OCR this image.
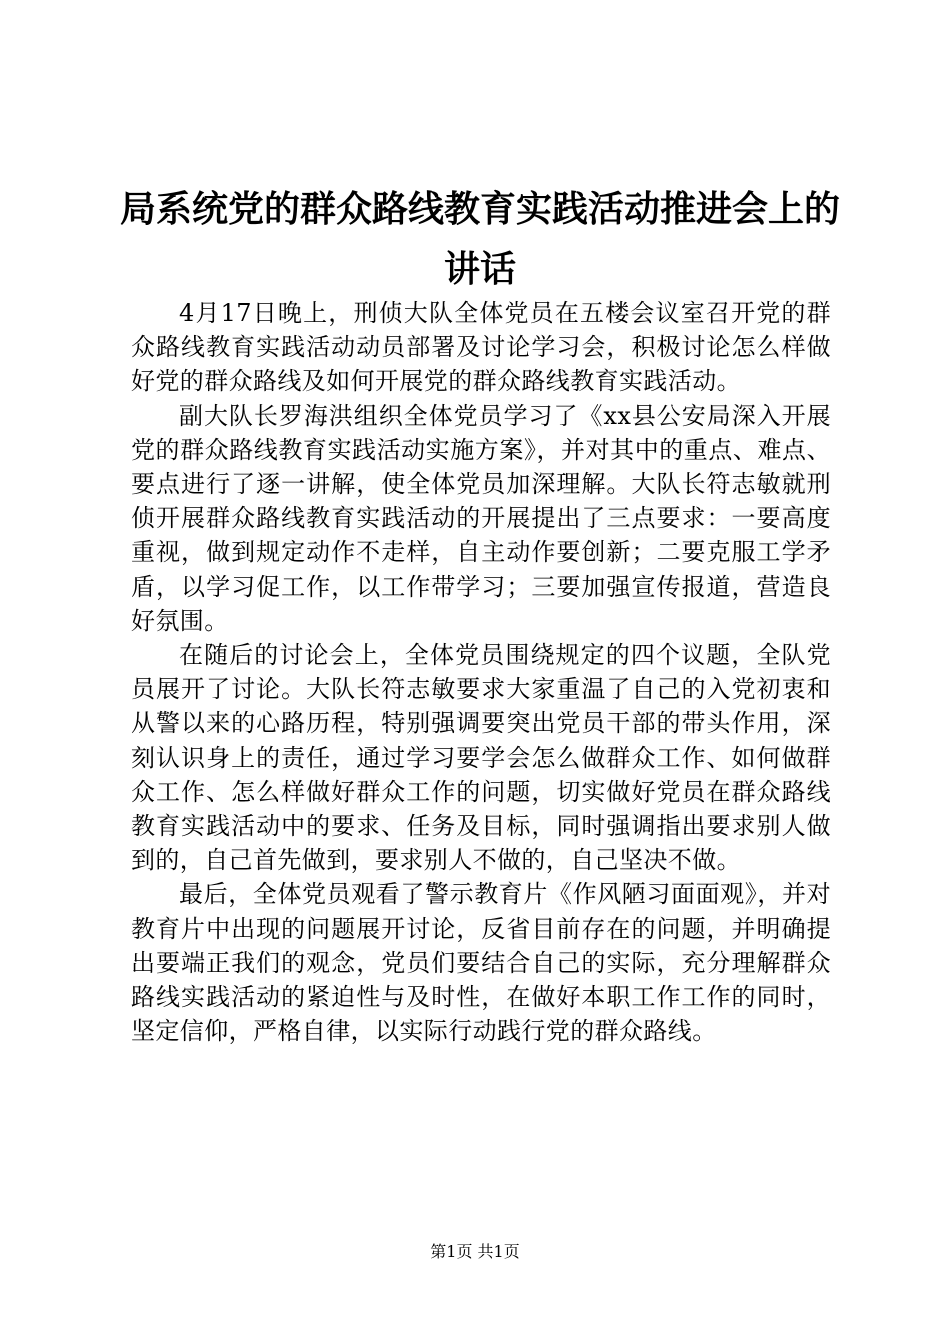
局系统党的群众路线教育实践活动推进会上的
讲话

4月17日晚上，刑侦大队全体党员在五楼会议室召开党的群众路线教育实践活动动员部署及讨论学习会，积极讨论怎么样做好党的群众路线及如何开展党的群众路线教育实践活动。

副大队长罗海洪组织全体党员学习了《xx县公安局深入开展党的群众路线教育实践活动实施方案》，并对其中的重点、难点、要点进行了逐一讲解，使全体党员加深理解。大队长符志敏就刑侦开展群众路线教育实践活动的开展提出了三点要求：一要高度重视，做到规定动作不走样，自主动作要创新；二要克服工学矛盾，以学习促工作，以工作带学习；三要加强宣传报道，营造良好氛围。

在随后的讨论会上，全体党员围绕规定的四个议题，全队党员展开了讨论。大队长符志敏要求大家重温了自己的入党初衷和从警以来的心路历程，特别强调要突出党员干部的带头作用，深刻认识身上的责任，通过学习要学会怎么做群众工作、如何做群众工作、怎么样做好群众工作的问题，切实做好党员在群众路线教育实践活动中的要求、任务及目标，同时强调指出要求别人做到的，自己首先做到，要求别人不做的，自己坚决不做。

最后，全体党员观看了警示教育片《作风陋习面面观》，并对教育片中出现的问题展开讨论，反省目前存在的问题，并明确提出要端正我们的观念，党员们要结合自己的实际，充分理解群众路线实践活动的紧迫性与及时性，在做好本职工作工作的同时，坚定信仰，严格自律，以实际行动践行党的群众路线。

第1页 共1页
